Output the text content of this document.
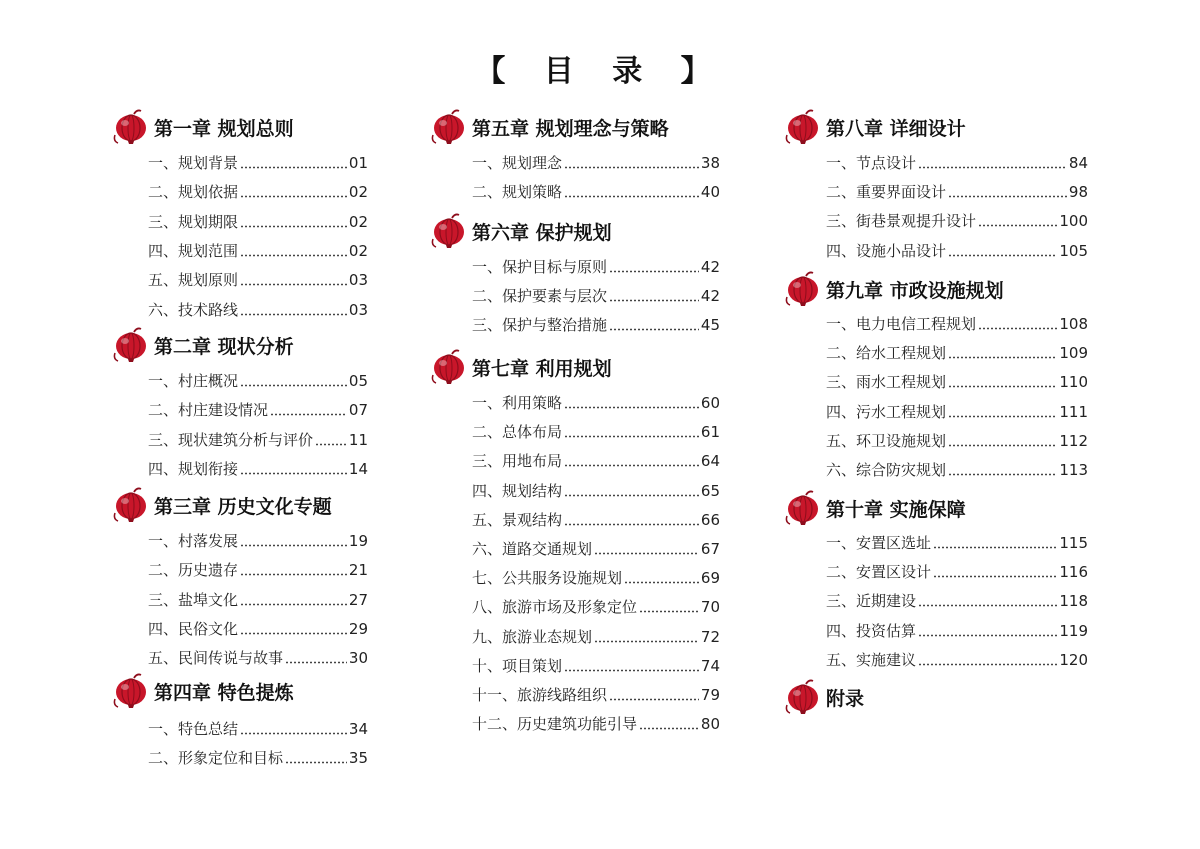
【 目 录 】
第一章 规划总则
一、规划背景	01
二、规划依据	02
三、规划期限	02
四、规划范围	02
五、规划原则	03
六、技术路线	03
第二章 现状分析
一、村庄概况	05
二、村庄建设情况	07
三、现状建筑分析与评价 11
四、规划衔接	14
第三章 历史文化专题
一、村落发展	19
二、历史遗存	21
三、盐埠文化	27
四、民俗文化	29
五、民间传说与故事	30
第四章 特色提炼
一、特色总结	34
二、形象定位和目标	35
第五章 规划理念与策略
一、规划理念	38
二、规划策略	40
第六章 保护规划
一、保护目标与原则	42
二、保护要素与层次	42
三、保护与整治措施	45
第七章 利用规划
一、利用策略	60
二、总体布局	61
三、用地布局	64
四、规划结构	65
五、景观结构	66
六、道路交通规划	67
七、公共服务设施规划	69
八、旅游市场及形象定位	70
九、旅游业态规划	72
十、项目策划	74
十一、旅游线路组织	79
十二、历史建筑功能引导	80
第八章 详细设计
一、节点设计	84
二、重要界面设计	98
三、街巷景观提升设计	100
四、设施小品设计	105
第九章 市政设施规划
一、电力电信工程规划	108
二、给水工程规划	109
三、雨水工程规划	110
四、污水工程规划	111
五、环卫设施规划	112
六、综合防灾规划	113
第十章 实施保障
一、安置区选址	115
二、安置区设计	116
三、近期建设	118
四、投资估算	119
五、实施建议	120
附录
